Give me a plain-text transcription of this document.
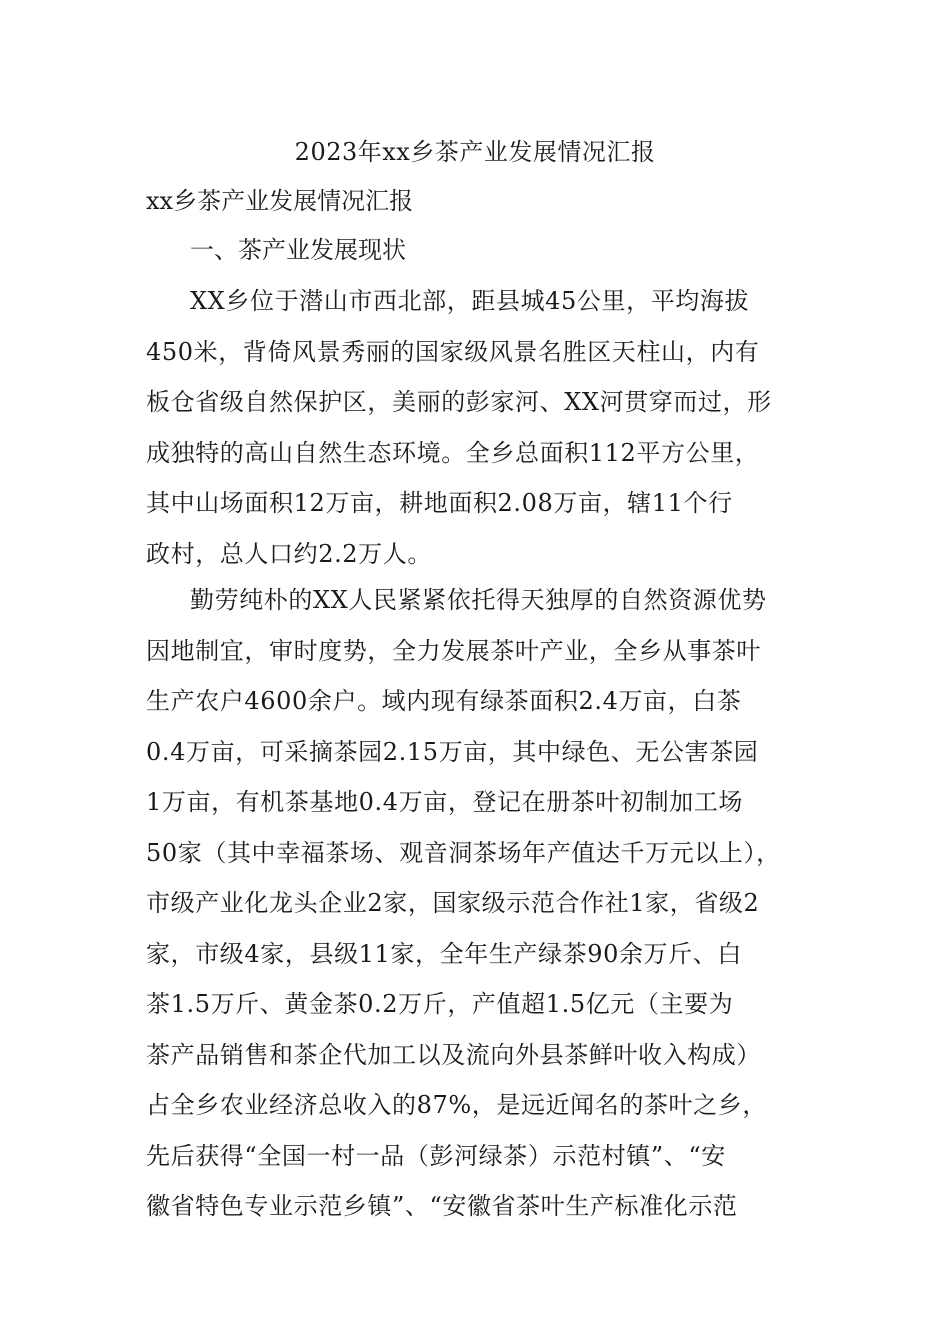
2023年xx乡茶产业发展情况汇报
xx乡茶产业发展情况汇报
一、茶产业发展现状
XX乡位于潜山市西北部，距县城45公里，平均海拔
450米，背倚风景秀丽的国家级风景名胜区天柱山，内有
板仓省级自然保护区，美丽的彭家河、XX河贯穿而过，形
成独特的高山自然生态环境。全乡总面积112平方公里，
其中山场面积12万亩，耕地面积2.08万亩，辖11个行
政村，总人口约2.2万人。
勤劳纯朴的XX人民紧紧依托得天独厚的自然资源优势
因地制宜，审时度势，全力发展茶叶产业，全乡从事茶叶
生产农户4600余户。域内现有绿茶面积2.4万亩，白茶
0.4万亩，可采摘茶园2.15万亩，其中绿色、无公害茶园
1万亩，有机茶基地0.4万亩，登记在册茶叶初制加工场
50家（其中幸福茶场、观音洞茶场年产值达千万元以上），
市级产业化龙头企业2家，国家级示范合作社1家，省级2
家，市级4家，县级11家，全年生产绿茶90余万斤、白
茶1.5万斤、黄金茶0.2万斤，产值超1.5亿元（主要为
茶产品销售和茶企代加工以及流向外县茶鲜叶收入构成）
占全乡农业经济总收入的87%，是远近闻名的茶叶之乡，
先后获得“全国一村一品（彭河绿茶）示范村镇”、“安
徽省特色专业示范乡镇”、“安徽省茶叶生产标准化示范
